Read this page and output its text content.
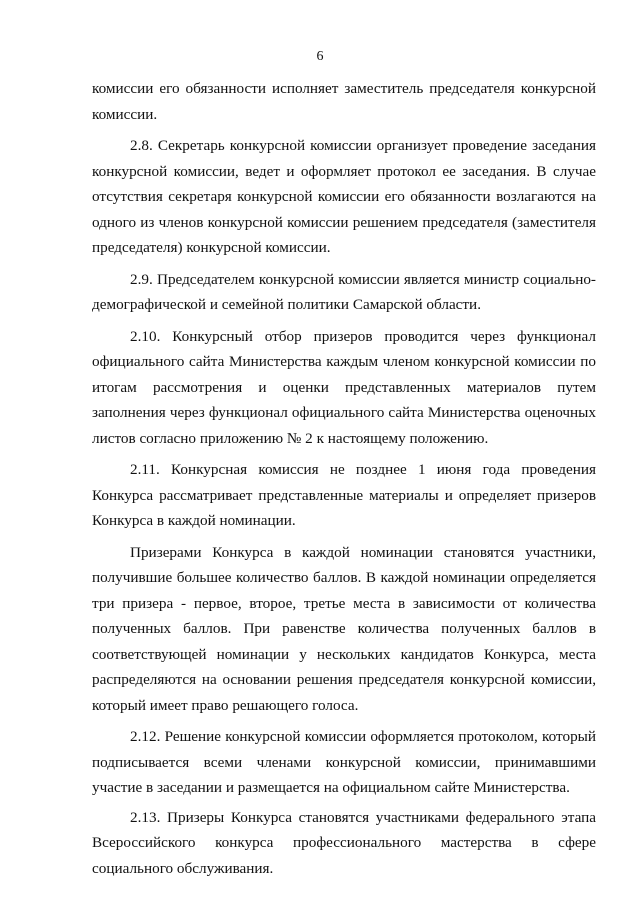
6

комиссии его обязанности исполняет заместитель председателя конкурсной комиссии.

2.8. Секретарь конкурсной комиссии организует проведение заседания конкурсной комиссии, ведет и оформляет протокол ее заседания. В случае отсутствия секретаря конкурсной комиссии его обязанности возлагаются на одного из членов конкурсной комиссии решением председателя (заместителя председателя) конкурсной комиссии.

2.9. Председателем конкурсной комиссии является министр социально-демографической и семейной политики Самарской области.

2.10. Конкурсный отбор призеров проводится через функционал официального сайта Министерства каждым членом конкурсной комиссии по итогам рассмотрения и оценки представленных материалов путем заполнения через функционал официального сайта Министерства оценочных листов согласно приложению № 2 к настоящему положению.

2.11. Конкурсная комиссия не позднее 1 июня года проведения Конкурса рассматривает представленные материалы и определяет призеров Конкурса в каждой номинации.

Призерами Конкурса в каждой номинации становятся участники, получившие большее количество баллов. В каждой номинации определяется три призера - первое, второе, третье места в зависимости от количества полученных баллов. При равенстве количества полученных баллов в соответствующей номинации у нескольких кандидатов Конкурса, места распределяются на основании решения председателя конкурсной комиссии, который имеет право решающего голоса.

2.12. Решение конкурсной комиссии оформляется протоколом, который подписывается всеми членами конкурсной комиссии, принимавшими участие в заседании и размещается на официальном сайте Министерства.

2.13. Призеры Конкурса становятся участниками федерального этапа Всероссийского конкурса профессионального мастерства в сфере социального обслуживания.
